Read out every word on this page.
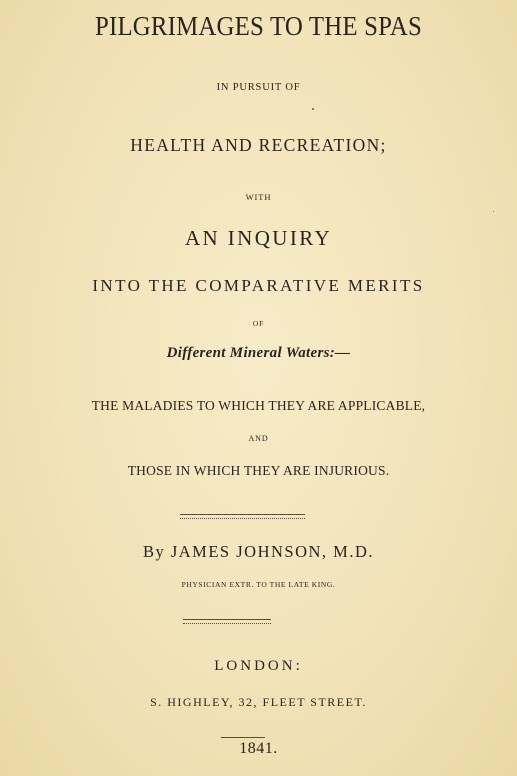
PILGRIMAGES TO THE SPAS
IN PURSUIT OF
HEALTH AND RECREATION;
WITH
AN INQUIRY
INTO THE COMPARATIVE MERITS
OF
Different Mineral Waters:—
THE MALADIES TO WHICH THEY ARE APPLICABLE,
AND
THOSE IN WHICH THEY ARE INJURIOUS.
By JAMES JOHNSON, M.D.
PHYSICIAN EXTR. TO THE LATE KING.
LONDON:
S. HIGHLEY, 32, FLEET STREET.
1841.
